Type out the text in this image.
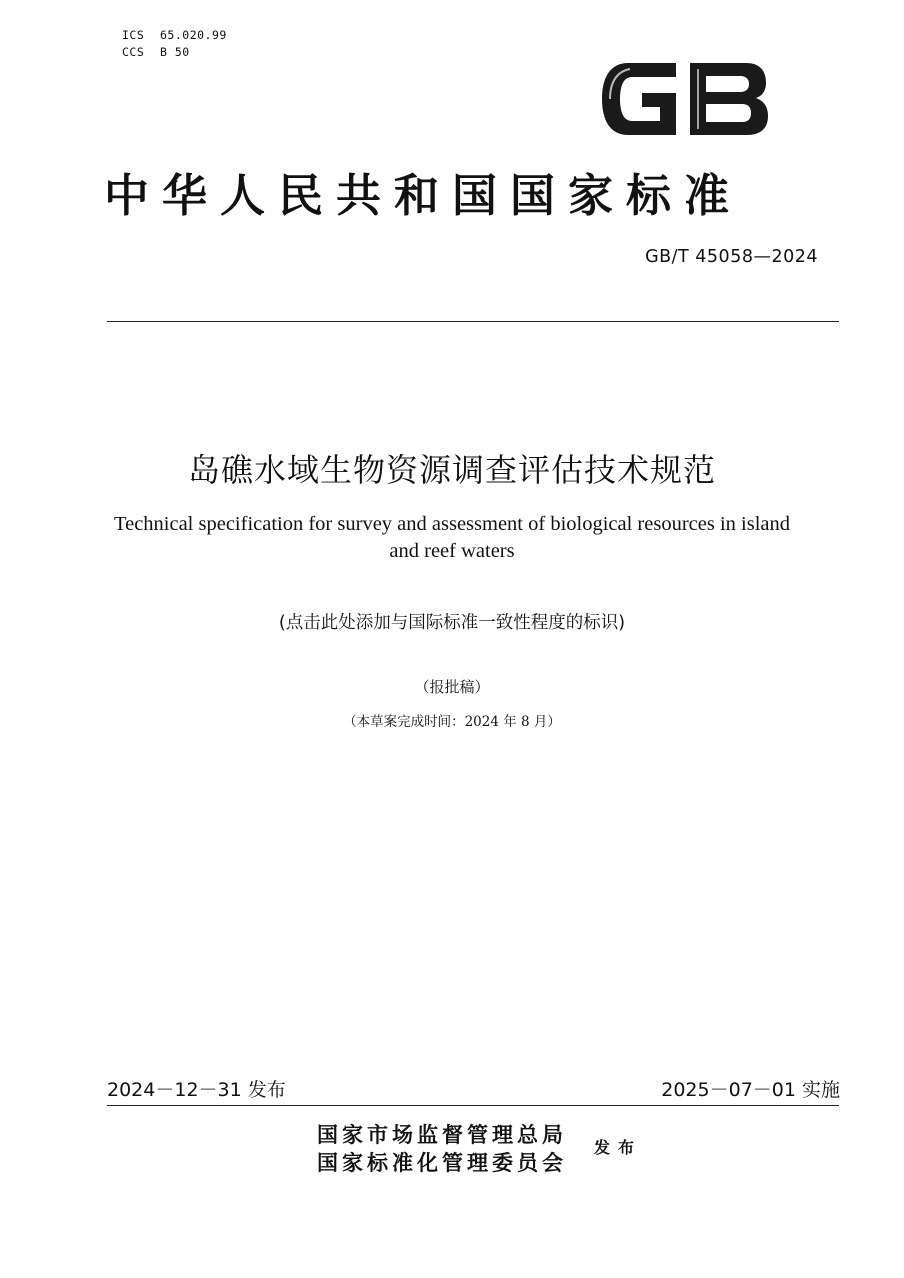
ICS 65.020.99
CCS B 50
中华人民共和国国家标准
GB/T 45058—2024
岛礁水域生物资源调查评估技术规范
Technical specification for survey and assessment of biological resources in island
and reef waters
(点击此处添加与国际标准一致性程度的标识)
（报批稿）
（本草案完成时间：2024 年 8 月）
2024－12－31 发布	2025－07－01 实施
国家市场监督管理总局
国家标准化管理委员会
发布
